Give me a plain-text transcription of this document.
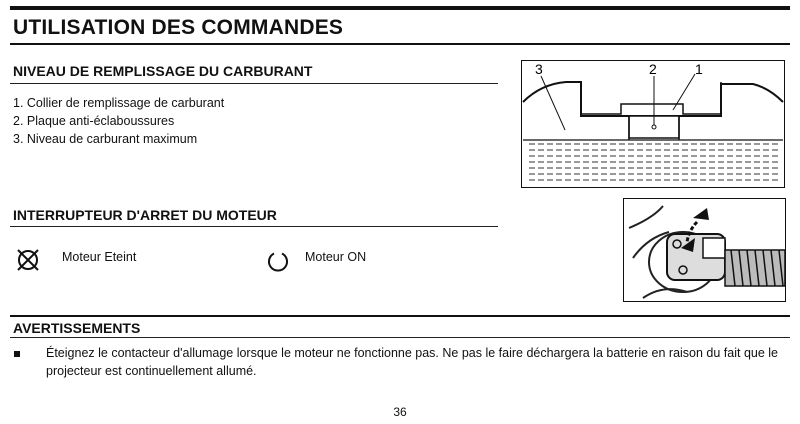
UTILISATION DES COMMANDES
NIVEAU DE REMPLISSAGE DU CARBURANT
1. Collier de remplissage de carburant
2. Plaque anti-éclaboussures
3. Niveau de carburant maximum
3	2	1
INTERRUPTEUR D'ARRET DU MOTEUR
Moteur Eteint	Moteur ON
AVERTISSEMENTS
Éteignez le contacteur d'allumage lorsque le moteur ne fonctionne pas. Ne pas le faire déchargera la batterie en raison du fait que le projecteur est continuellement allumé.
36
